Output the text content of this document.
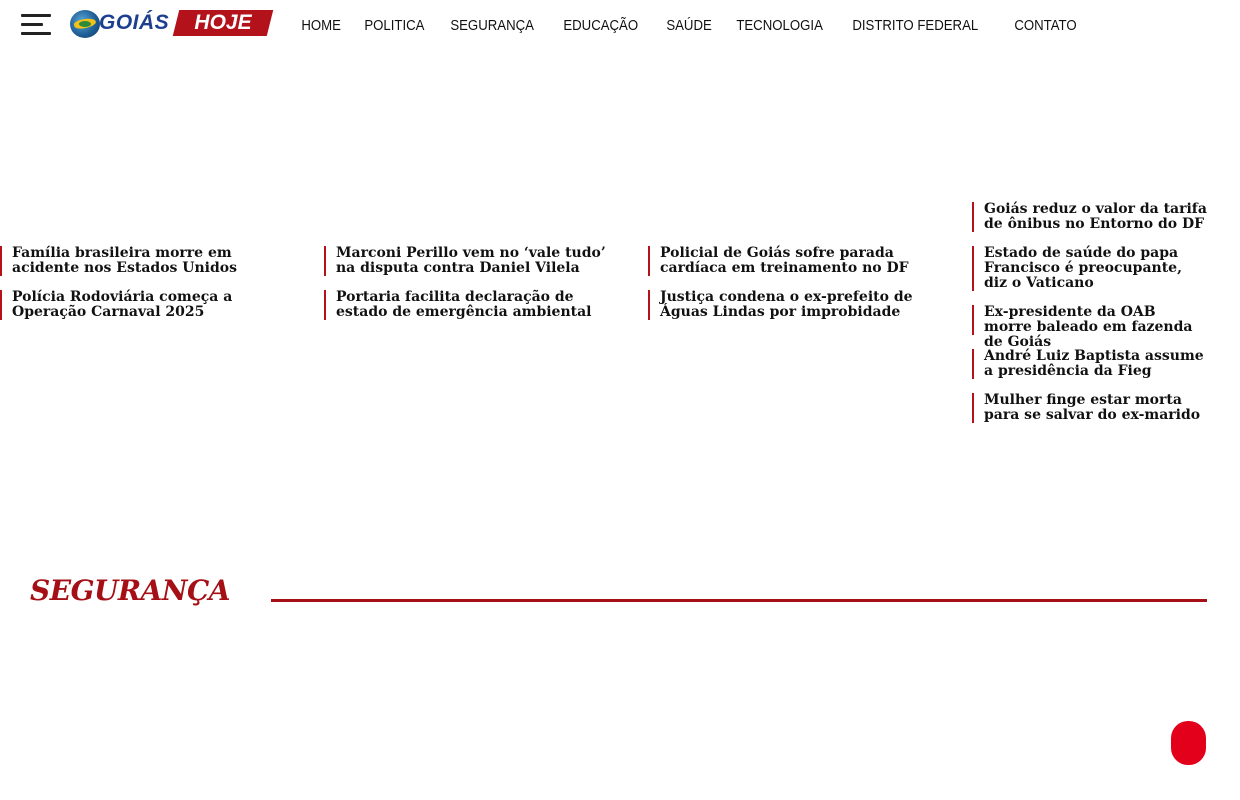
GOIÁS	HOJE	HOME	POLITICA	SEGURANÇA	EDUCAÇÃO	SAÚDE	TECNOLOGIA	DISTRITO FEDERAL	CONTATO
Família brasileira morre em acidente nos Estados Unidos
Polícia Rodoviária começa a Operação Carnaval 2025
Marconi Perillo vem no ‘vale tudo’ na disputa contra Daniel Vilela
Portaria facilita declaração de estado de emergência ambiental
Policial de Goiás sofre parada cardíaca em treinamento no DF
Justiça condena o ex-prefeito de Águas Lindas por improbidade
Goiás reduz o valor da tarifa de ônibus no Entorno do DF
Estado de saúde do papa Francisco é preocupante, diz o Vaticano
Ex-presidente da OAB morre baleado em fazenda de Goiás
André Luiz Baptista assume a presidência da Fieg
Mulher finge estar morta para se salvar do ex-marido
SEGURANÇA
